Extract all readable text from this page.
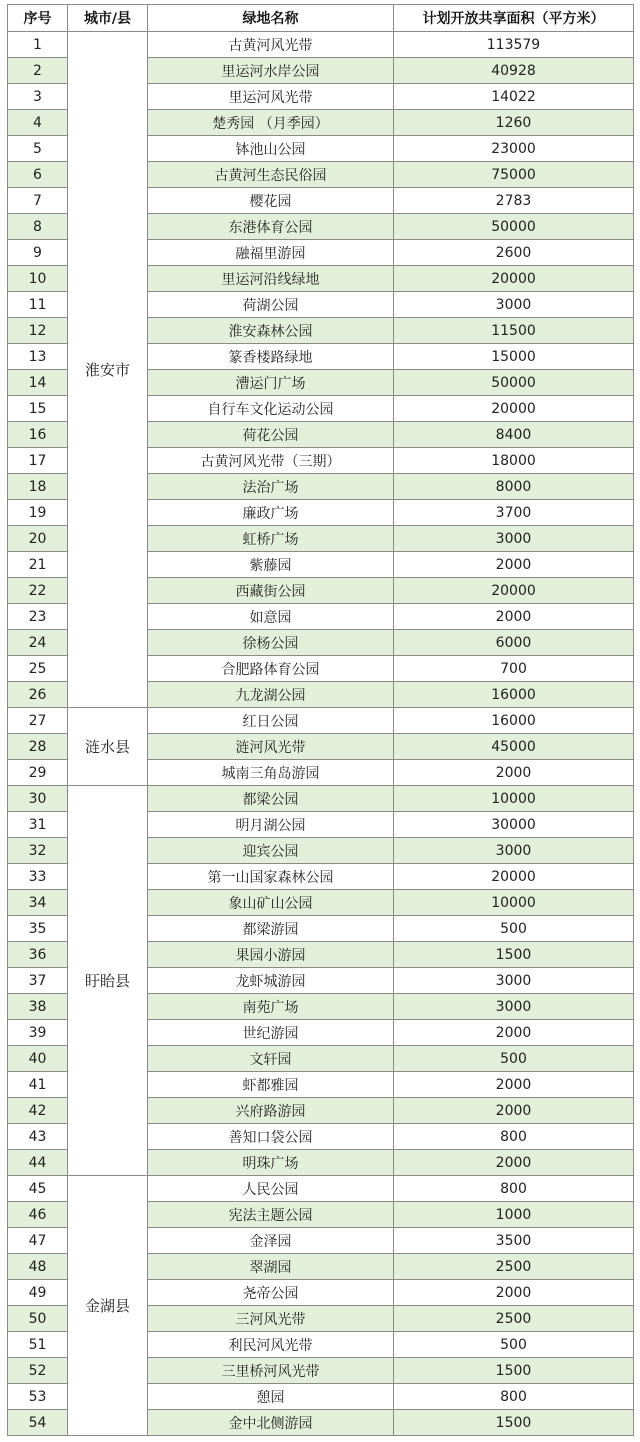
序号	城市/县	绿地名称	计划开放共享面积（平方米）
1	淮安市	古黄河风光带	113579
2		里运河水岸公园	40928
3		里运河风光带	14022
4		楚秀园 （月季园）	1260
5		钵池山公园	23000
6		古黄河生态民俗园	75000
7		樱花园	2783
8		东港体育公园	50000
9		融福里游园	2600
10		里运河沿线绿地	20000
11		荷湖公园	3000
12		淮安森林公园	11500
13		篆香楼路绿地	15000
14		漕运门广场	50000
15		自行车文化运动公园	20000
16		荷花公园	8400
17		古黄河风光带（三期）	18000
18		法治广场	8000
19		廉政广场	3700
20		虹桥广场	3000
21		紫藤园	2000
22		西藏街公园	20000
23		如意园	2000
24		徐杨公园	6000
25		合肥路体育公园	700
26		九龙湖公园	16000
27	涟水县	红日公园	16000
28		涟河风光带	45000
29		城南三角岛游园	2000
30	盱眙县	都梁公园	10000
31		明月湖公园	30000
32		迎宾公园	3000
33		第一山国家森林公园	20000
34		象山矿山公园	10000
35		都梁游园	500
36		果园小游园	1500
37		龙虾城游园	3000
38		南苑广场	3000
39		世纪游园	2000
40		文轩园	500
41		虾都雅园	2000
42		兴府路游园	2000
43		善知口袋公园	800
44		明珠广场	2000
45	金湖县	人民公园	800
46		宪法主题公园	1000
47		金泽园	3500
48		翠湖园	2500
49		尧帝公园	2000
50		三河风光带	2500
51		利民河风光带	500
52		三里桥河风光带	1500
53		憩园	800
54		金中北侧游园	1500
